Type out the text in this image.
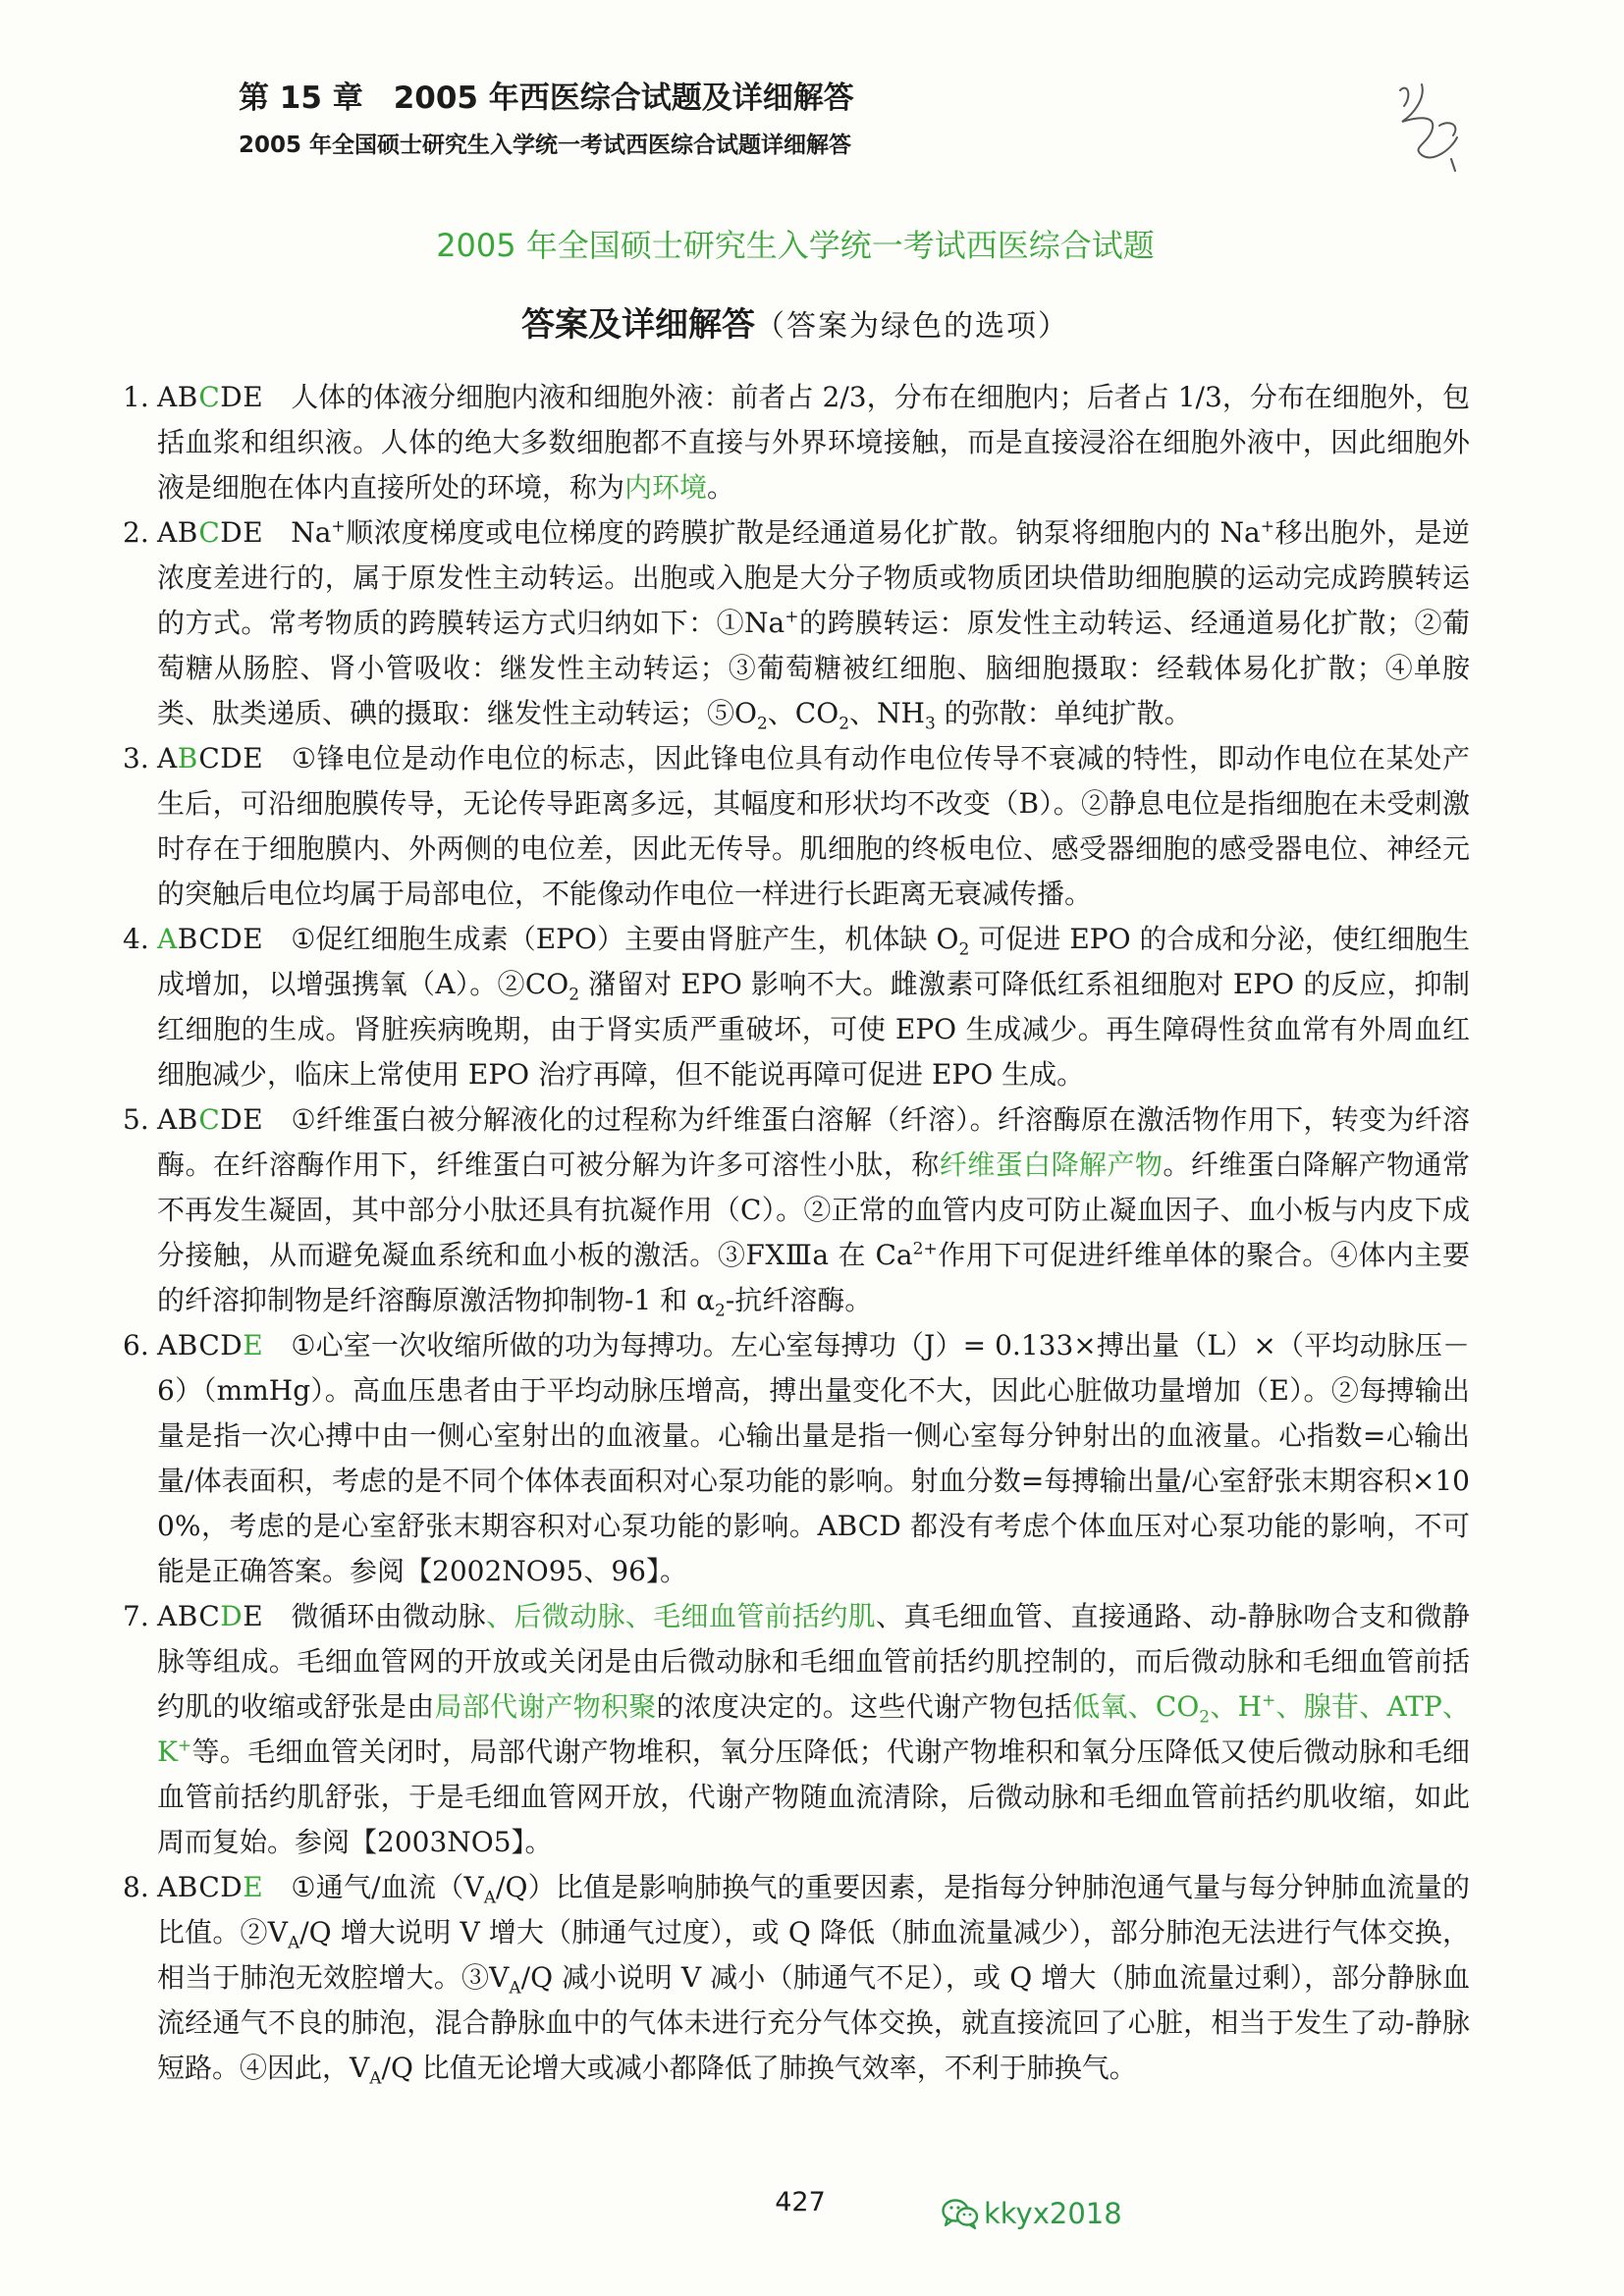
第 15 章　2005 年西医综合试题及详细解答
2005 年全国硕士研究生入学统一考试西医综合试题详细解答
2005 年全国硕士研究生入学统一考试西医综合试题
答案及详细解答（答案为绿色的选项）
1. ABCDE 人体的体液分细胞内液和细胞外液：前者占 2/3，分布在细胞内；后者占 1/3，分布在细胞外，包括血浆和组织液。人体的绝大多数细胞都不直接与外界环境接触，而是直接浸浴在细胞外液中，因此细胞外液是细胞在体内直接所处的环境，称为内环境。
2. ABCDE Na+顺浓度梯度或电位梯度的跨膜扩散是经通道易化扩散。钠泵将细胞内的 Na+移出胞外，是逆浓度差进行的，属于原发性主动转运。出胞或入胞是大分子物质或物质团块借助细胞膜的运动完成跨膜转运的方式。常考物质的跨膜转运方式归纳如下：①Na+的跨膜转运：原发性主动转运、经通道易化扩散；②葡萄糖从肠腔、肾小管吸收：继发性主动转运；③葡萄糖被红细胞、脑细胞摄取：经载体易化扩散；④单胺类、肽类递质、碘的摄取：继发性主动转运；$⑤O_2$、$CO_2$、$NH_3$ 的弥散：单纯扩散。
3. ABCDE ①锋电位是动作电位的标志，因此锋电位具有动作电位传导不衰减的特性，即动作电位在某处产生后，可沿细胞膜传导，无论传导距离多远，其幅度和形状均不改变（B）。②静息电位是指细胞在未受刺激时存在于细胞膜内、外两侧的电位差，因此无传导。肌细胞的终板电位、感受器细胞的感受器电位、神经元的突触后电位均属于局部电位，不能像动作电位一样进行长距离无衰减传播。
4. ABCDE ①促红细胞生成素（EPO）主要由肾脏产生，机体缺 $O_2$ 可促进 EPO 的合成和分泌，使红细胞生成增加，以增强携氧（A）。$②CO_2$ 潴留对 EPO 影响不大。雌激素可降低红系祖细胞对 EPO 的反应，抑制红细胞的生成。肾脏疾病晚期，由于肾实质严重破坏，可使 EPO 生成减少。再生障碍性贫血常有外周血红细胞减少，临床上常使用 EPO 治疗再障，但不能说再障可促进 EPO 生成。
5. ABCDE ①纤维蛋白被分解液化的过程称为纤维蛋白溶解（纤溶）。纤溶酶原在激活物作用下，转变为纤溶酶。在纤溶酶作用下，纤维蛋白可被分解为许多可溶性小肽，称纤维蛋白降解产物。纤维蛋白降解产物通常不再发生凝固，其中部分小肽还具有抗凝作用（C）。②正常的血管内皮可防止凝血因子、血小板与内皮下成分接触，从而避免凝血系统和血小板的激活。③FⅩⅢa 在 $Ca^{2+}$作用下可促进纤维单体的聚合。④体内主要的纤溶抑制物是纤溶酶原激活物抑制物-1 和 $\alpha_2-$抗纤溶酶。
6. ABCDE ①心室一次收缩所做的功为每搏功。左心室每搏功（J）= 0.133×搏出量（L）×（平均动脉压－6）（mmHg）。高血压患者由于平均动脉压增高，搏出量变化不大，因此心脏做功量增加（E）。②每搏输出量是指一次心搏中由一侧心室射出的血液量。心输出量是指一侧心室每分钟射出的血液量。心指数=心输出量/体表面积，考虑的是不同个体体表面积对心泵功能的影响。射血分数=每搏输出量/心室舒张末期容积×100%，考虑的是心室舒张末期容积对心泵功能的影响。ABCD 都没有考虑个体血压对心泵功能的影响，不可能是正确答案。参阅【2002NO95、96】。
7. ABCDE 微循环由微动脉、后微动脉、毛细血管前括约肌、真毛细血管、直接通路、动-静脉吻合支和微静脉等组成。毛细血管网的开放或关闭是由后微动脉和毛细血管前括约肌控制的，而后微动脉和毛细血管前括约肌的收缩或舒张是由局部代谢产物积聚的浓度决定的。这些代谢产物包括低氧、$CO_2$、H+、腺苷、ATP、K+等。毛细血管关闭时，局部代谢产物堆积，氧分压降低；代谢产物堆积和氧分压降低又使后微动脉和毛细血管前括约肌舒张，于是毛细血管网开放，代谢产物随血流清除，后微动脉和毛细血管前括约肌收缩，如此周而复始。参阅【2003NO5】。
8. ABCDE ①通气/血流$(V_A/Q)$比值是影响肺换气的重要因素，是指每分钟肺泡通气量与每分钟肺血流量的比值。$②V_A/Q$ 增大说明 V 增大（肺通气过度），或 Q 降低（肺血流量减少），部分肺泡无法进行气体交换，相当于肺泡无效腔增大。$③V_A/Q$ 减小说明 V 减小（肺通气不足），或 Q 增大（肺血流量过剩），部分静脉血流经通气不良的肺泡，混合静脉血中的气体未进行充分气体交换，就直接流回了心脏，相当于发生了动-静脉短路。④因此，$V_A/Q$ 比值无论增大或减小都降低了肺换气效率，不利于肺换气。
427	kkyx2018
